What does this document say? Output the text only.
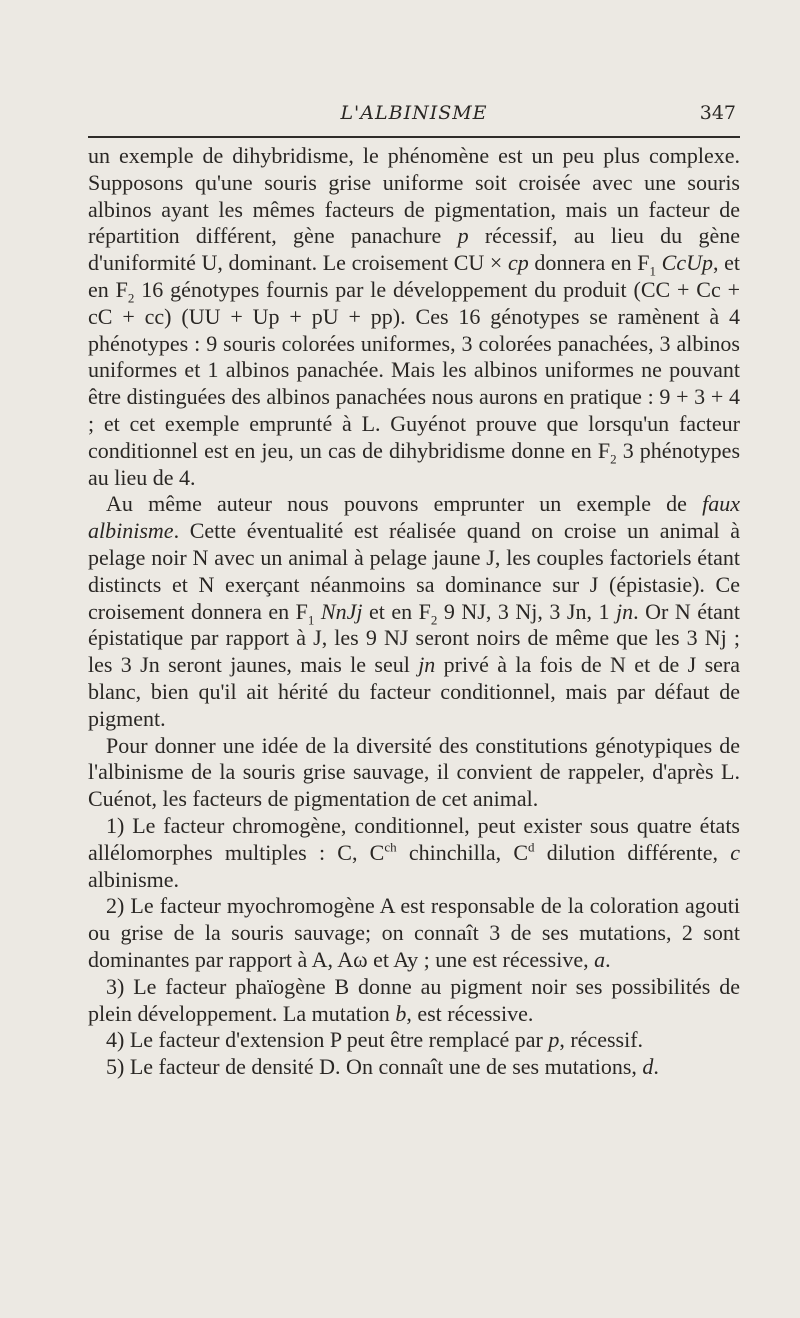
L'ALBINISME	347

un exemple de dihybridisme, le phénomène est un peu plus complexe. Supposons qu'une souris grise uniforme soit croisée avec une souris albinos ayant les mêmes facteurs de pigmentation, mais un facteur de répartition différent, gène panachure p récessif, au lieu du gène d'uniformité U, dominant. Le croisement CU × cp donnera en $F_1$ CcUp, et en $F_2$ 16 génotypes fournis par le développement du produit (CC + Cc + cC + cc) (UU + Up + pU + pp). Ces 16 génotypes se ramènent à 4 phénotypes : 9 souris colorées uniformes, 3 colorées panachées, 3 albinos uniformes et 1 albinos panachée. Mais les albinos uniformes ne pouvant être distinguées des albinos panachées nous aurons en pratique : 9 + 3 + 4 ; et cet exemple emprunté à L. Guyénot prouve que lorsqu'un facteur conditionnel est en jeu, un cas de dihybridisme donne en $F_2$ 3 phénotypes au lieu de 4.

Au même auteur nous pouvons emprunter un exemple de faux albinisme. Cette éventualité est réalisée quand on croise un animal à pelage noir N avec un animal à pelage jaune J, les couples factoriels étant distincts et N exerçant néanmoins sa dominance sur J (épistasie). Ce croisement donnera en $F_1$ NnJj et en $F_2$ 9 NJ, 3 Nj, 3 Jn, 1 jn. Or N étant épistatique par rapport à J, les 9 NJ seront noirs de même que les 3 Nj ; les 3 Jn seront jaunes, mais le seul jn privé à la fois de N et de J sera blanc, bien qu'il ait hérité du facteur conditionnel, mais par défaut de pigment.

Pour donner une idée de la diversité des constitutions génotypiques de l'albinisme de la souris grise sauvage, il convient de rappeler, d'après L. Cuénot, les facteurs de pigmentation de cet animal.

1) Le facteur chromogène, conditionnel, peut exister sous quatre états allélomorphes multiples : C, $C^{ch}$ chinchilla, $C^d$ dilution différente, c albinisme.

2) Le facteur myochromogène A est responsable de la coloration agouti ou grise de la souris sauvage; on connaît 3 de ses mutations, 2 sont dominantes par rapport à A, Aω et Ay ; une est récessive, a.

3) Le facteur phaïogène B donne au pigment noir ses possibilités de plein développement. La mutation b, est récessive.

4) Le facteur d'extension P peut être remplacé par p, récessif.

5) Le facteur de densité D. On connaît une de ses mutations, d.
